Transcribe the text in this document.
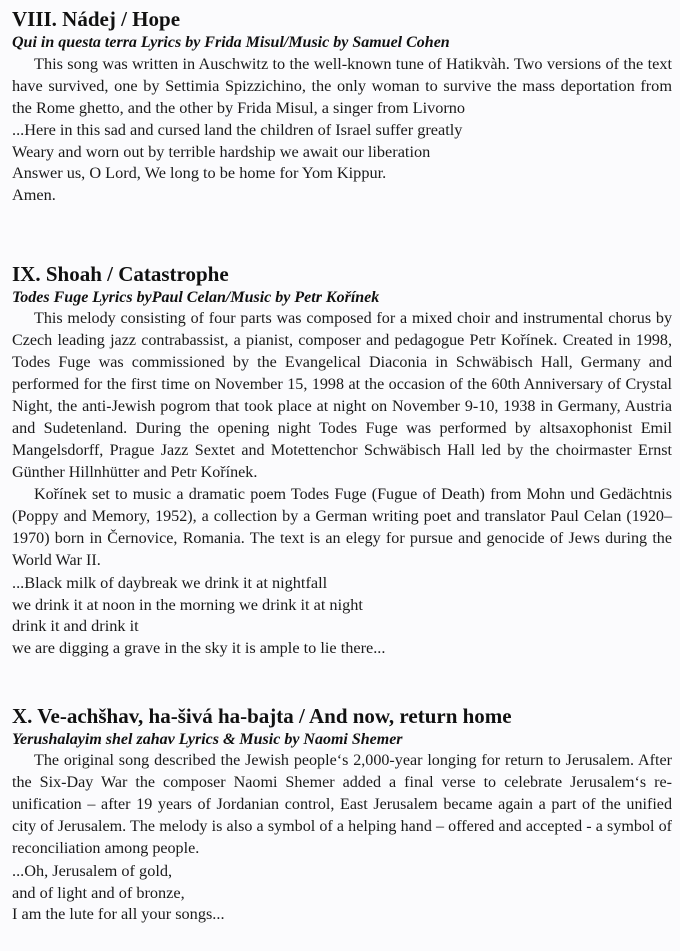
VIII. Nádej / Hope
Qui in questa terra Lyrics by Frida Misul/Music by Samuel Cohen

This song was written in Auschwitz to the well-known tune of Hatikvàh. Two versions of the text have survived, one by Settimia Spizzichino, the only woman to survive the mass deportation from the Rome ghetto, and the other by Frida Misul, a singer from Livorno

...Here in this sad and cursed land the children of Israel suffer greatly
Weary and worn out by terrible hardship we await our liberation
Answer us, O Lord, We long to be home for Yom Kippur.
Amen.
IX. Shoah / Catastrophe
Todes Fuge Lyrics byPaul Celan/Music by Petr Kořínek

This melody consisting of four parts was composed for a mixed choir and instrumental chorus by Czech leading jazz contrabassist, a pianist, composer and pedagogue Petr Kořínek. Created in 1998, Todes Fuge was commissioned by the Evangelical Diaconia in Schwäbisch Hall, Germany and performed for the first time on November 15, 1998 at the occasion of the 60th Anniversary of Crystal Night, the anti-Jewish pogrom that took place at night on November 9-10, 1938 in Germany, Austria and Sudetenland. During the opening night Todes Fuge was performed by altsaxophonist Emil Mangelsdorff, Prague Jazz Sextet and Motettenchor Schwäbisch Hall led by the choirmaster Ernst Günther Hillnhütter and Petr Kořínek.

Kořínek set to music a dramatic poem Todes Fuge (Fugue of Death) from Mohn und Gedächtnis (Poppy and Memory, 1952), a collection by a German writing poet and translator Paul Celan (1920–1970) born in Černovice, Romania. The text is an elegy for pursue and genocide of Jews during the World War II.

...Black milk of daybreak we drink it at nightfall
we drink it at noon in the morning we drink it at night
drink it and drink it
we are digging a grave in the sky it is ample to lie there...
X. Ve-achšhav, ha-šivá ha-bajta / And now, return home
Yerushalayim shel zahav Lyrics & Music by Naomi Shemer

The original song described the Jewish people‘s 2,000-year longing for return to Jerusalem. After the Six-Day War the composer Naomi Shemer added a final verse to celebrate Jerusalem‘s re-unification – after 19 years of Jordanian control, East Jerusalem became again a part of the unified city of Jerusalem. The melody is also a symbol of a helping hand – offered and accepted - a symbol of reconciliation among people.

...Oh, Jerusalem of gold,
and of light and of bronze,
I am the lute for all your songs...
